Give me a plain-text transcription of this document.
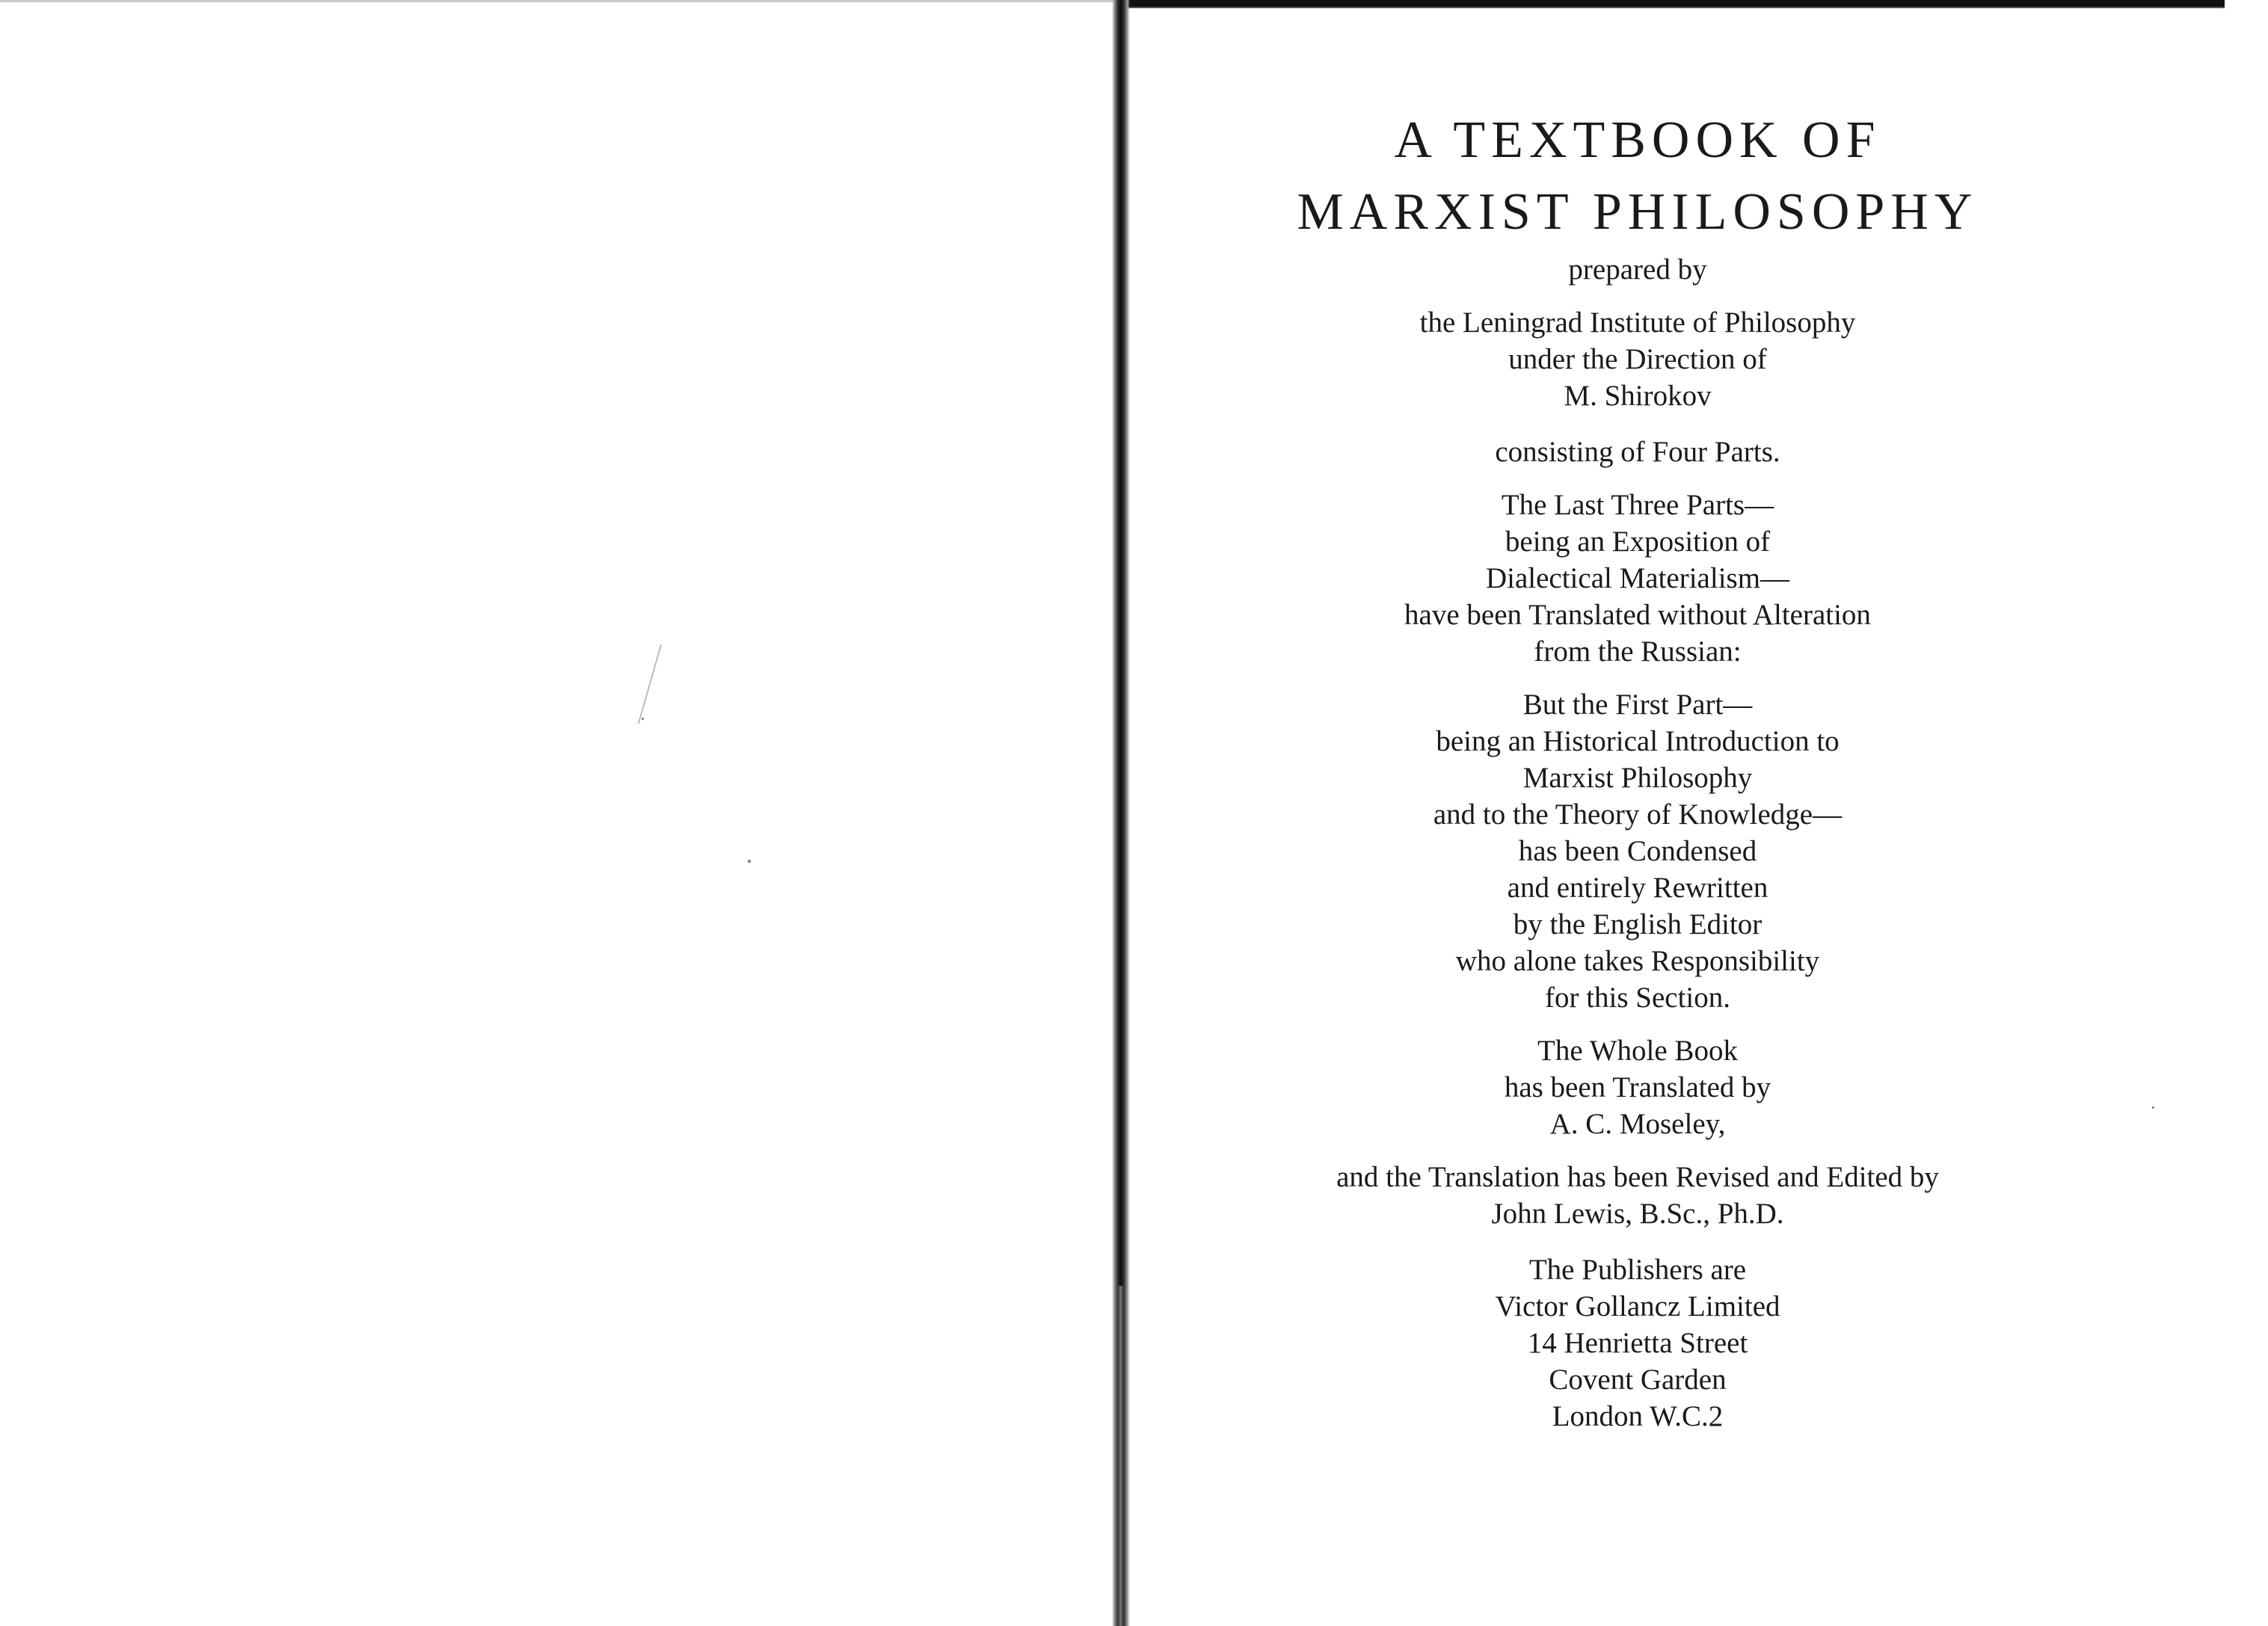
A TEXTBOOK OF
MARXIST PHILOSOPHY

prepared by

the Leningrad Institute of Philosophy
under the Direction of
M. Shirokov

consisting of Four Parts.

The Last Three Parts—
being an Exposition of
Dialectical Materialism—
have been Translated without Alteration
from the Russian:

But the First Part—
being an Historical Introduction to
Marxist Philosophy
and to the Theory of Knowledge—
has been Condensed
and entirely Rewritten
by the English Editor
who alone takes Responsibility
for this Section.

The Whole Book
has been Translated by
A. C. Moseley,

and the Translation has been Revised and Edited by
John Lewis, B.Sc., Ph.D.

The Publishers are
Victor Gollancz Limited
14 Henrietta Street
Covent Garden
London W.C.2
